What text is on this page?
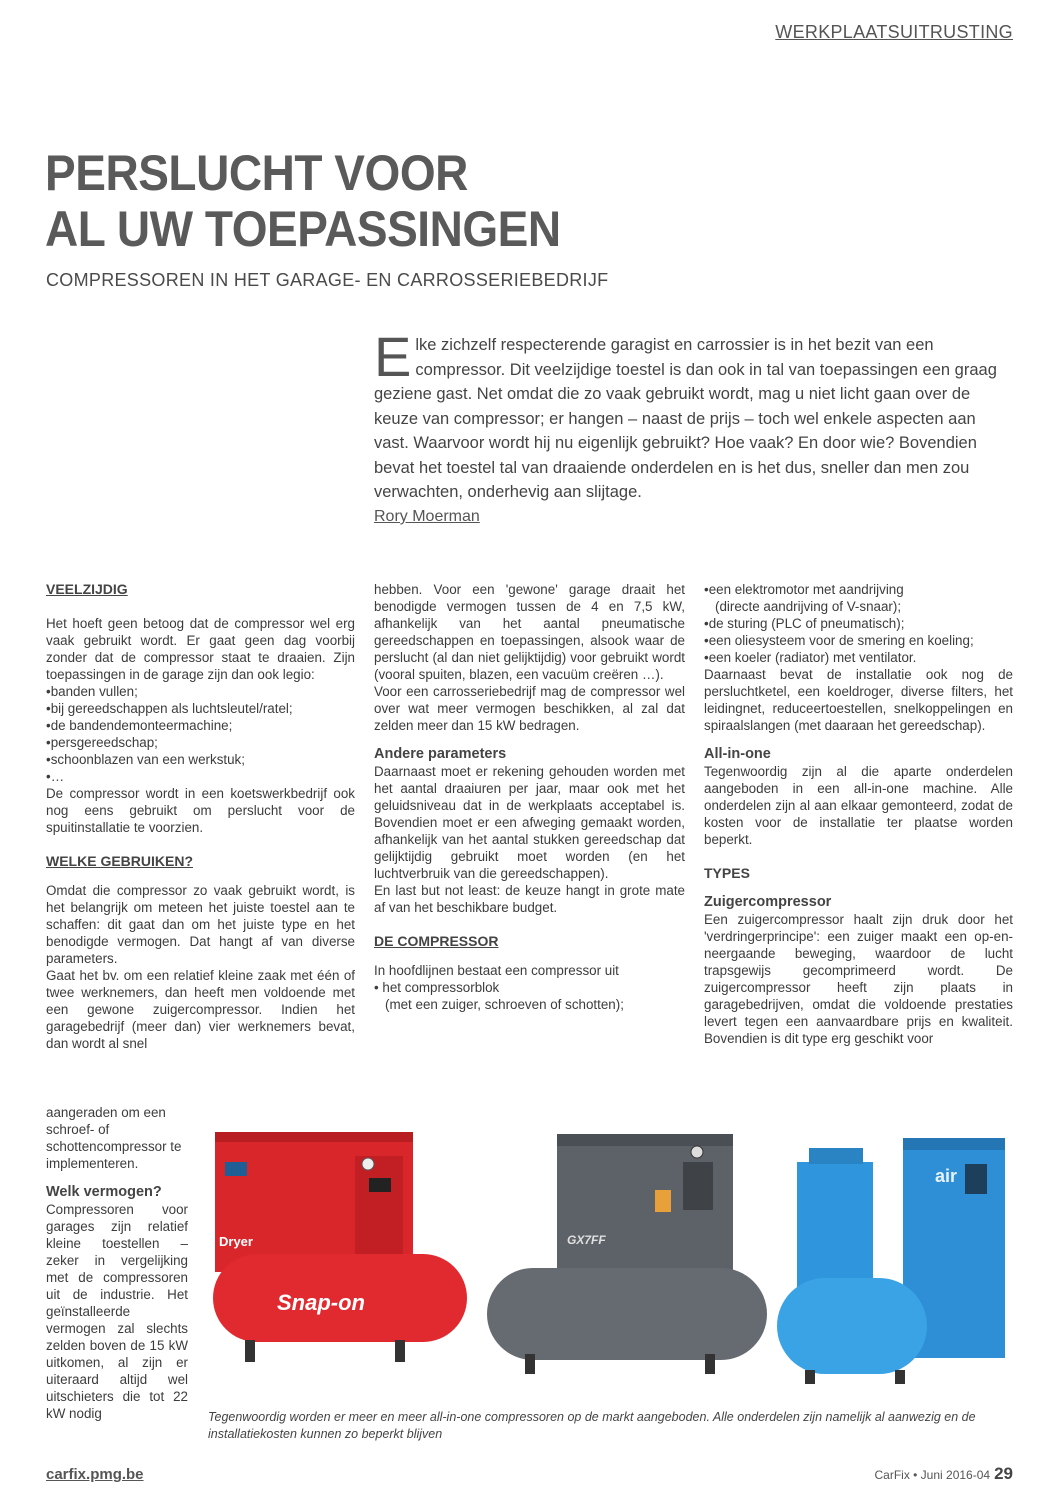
WERKPLAATSUITRUSTING
PERSLUCHT VOOR
AL UW TOEPASSINGEN
COMPRESSOREN IN HET GARAGE- EN CARROSSERIEBEDRIJF
E lke zichzelf respecterende garagist en carrossier is in het bezit van een compressor. Dit veelzijdige toestel is dan ook in tal van toepassingen een graag geziene gast. Net omdat die zo vaak gebruikt wordt, mag u niet licht gaan over de keuze van compressor; er hangen – naast de prijs – toch wel enkele aspecten aan vast. Waarvoor wordt hij nu eigenlijk gebruikt? Hoe vaak? En door wie? Bovendien bevat het toestel tal van draaiende onderdelen en is het dus, sneller dan men zou verwachten, onderhevig aan slijtage.
Rory Moerman

VEELZIJDIG

Het hoeft geen betoog dat de compressor wel erg vaak gebruikt wordt. Er gaat geen dag voorbij zonder dat de compressor staat te draaien. Zijn toepassingen in de garage zijn dan ook legio:

•banden vullen;
•bij gereedschappen als luchtsleutel/ratel;
•de bandendemonteermachine;
•persgereedschap;
•schoonblazen van een werkstuk;
•…

De compressor wordt in een koetswerkbedrijf ook nog eens gebruikt om perslucht voor de spuitinstallatie te voorzien.

WELKE GEBRUIKEN?

Omdat die compressor zo vaak gebruikt wordt, is het belangrijk om meteen het juiste toestel aan te schaffen: dit gaat dan om het juiste type en het benodigde vermogen. Dat hangt af van diverse parameters.

Gaat het bv. om een relatief kleine zaak met één of twee werknemers, dan heeft men voldoende met een gewone zuigercompressor. Indien het garagebedrijf (meer dan) vier werknemers bevat, dan wordt al snel

aangeraden om een schroef- of schottencompressor te implementeren.

Welk vermogen?

Compressoren voor garages zijn relatief kleine toestellen – zeker in vergelijking met de compressoren uit de industrie. Het geïnstalleerde vermogen zal slechts zelden boven de 15 kW uitkomen, al zijn er uiteraard altijd wel uitschieters die tot 22 kW nodig

hebben. Voor een 'gewone' garage draait het benodigde vermogen tussen de 4 en 7,5 kW, afhankelijk van het aantal pneumatische gereedschappen en toepassingen, alsook waar de perslucht (al dan niet gelijktijdig) voor gebruikt wordt (vooral spuiten, blazen, een vacuüm creëren …).

Voor een carrosseriebedrijf mag de compressor wel over wat meer vermogen beschikken, al zal dat zelden meer dan 15 kW bedragen.

Andere parameters

Daarnaast moet er rekening gehouden worden met het aantal draaiuren per jaar, maar ook met het geluidsniveau dat in de werkplaats acceptabel is. Bovendien moet er een afweging gemaakt worden, afhankelijk van het aantal stukken gereedschap dat gelijktijdig gebruikt moet worden (en het luchtverbruik van die gereedschappen).

En last but not least: de keuze hangt in grote mate af van het beschikbare budget.

DE COMPRESSOR

In hoofdlijnen bestaat een compressor uit

• het compressorblok
(met een zuiger, schroeven of schotten);
•een elektromotor met aandrijving
(directe aandrijving of V-snaar);
•de sturing (PLC of pneumatisch);
•een oliesysteem voor de smering en koeling;
•een koeler (radiator) met ventilator.

Daarnaast bevat de installatie ook nog de persluchtketel, een koeldroger, diverse filters, het leidingnet, reduceertoestellen, snelkoppelingen en spiraalslangen (met daaraan het gereedschap).

All-in-one

Tegenwoordig zijn al die aparte onderdelen aangeboden in een all-in-one machine. Alle onderdelen zijn al aan elkaar gemonteerd, zodat de kosten voor de installatie ter plaatse worden beperkt.

TYPES

Zuigercompressor

Een zuigercompressor haalt zijn druk door het 'verdringerprincipe': een zuiger maakt een op-en-neergaande beweging, waardoor de lucht trapsgewijs gecomprimeerd wordt. De zuigercompressor heeft zijn plaats in garagebedrijven, omdat die voldoende prestaties levert tegen een aanvaardbare prijs en kwaliteit. Bovendien is dit type erg geschikt voor

Dryer
Snap-on
GX7FF
air
Tegenwoordig worden er meer en meer all-in-one compressoren op de markt aangeboden. Alle onderdelen zijn namelijk al aanwezig en de installatiekosten kunnen zo beperkt blijven
carfix.pmg.be	CarFix • Juni 2016-04 29
